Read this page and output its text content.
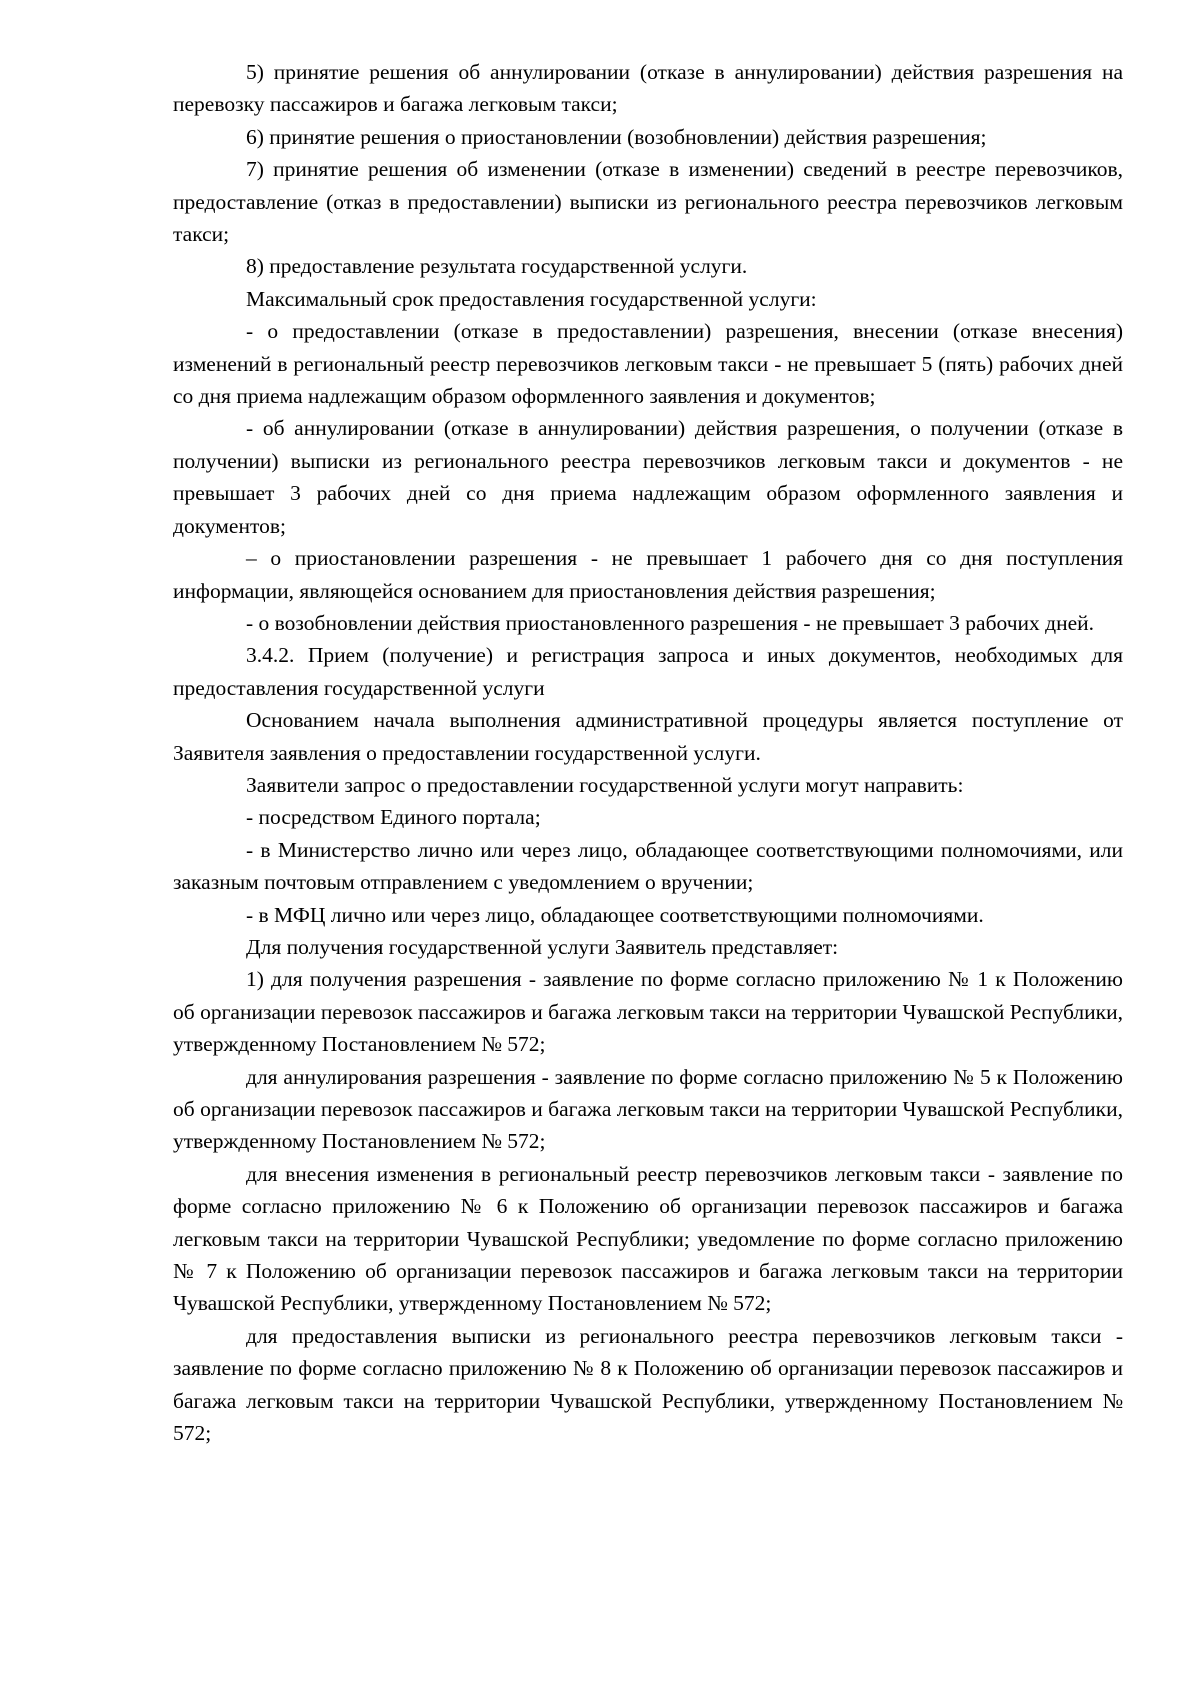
5) принятие решения об аннулировании (отказе в аннулировании) действия разрешения на перевозку пассажиров и багажа легковым такси;

6) принятие решения о приостановлении (возобновлении) действия разрешения;

7) принятие решения об изменении (отказе в изменении) сведений в реестре перевозчиков, предоставление (отказ в предоставлении) выписки из регионального реестра перевозчиков легковым такси;

8) предоставление результата государственной услуги.

Максимальный срок предоставления государственной услуги:

- о предоставлении (отказе в предоставлении) разрешения, внесении (отказе внесения) изменений в региональный реестр перевозчиков легковым такси - не превышает 5 (пять) рабочих дней со дня приема надлежащим образом оформленного заявления и документов;

- об аннулировании (отказе в аннулировании) действия разрешения, о получении (отказе в получении) выписки из регионального реестра перевозчиков легковым такси и документов - не превышает 3 рабочих дней со дня приема надлежащим образом оформленного заявления и документов;

– о приостановлении разрешения - не превышает 1 рабочего дня со дня поступления информации, являющейся основанием для приостановления действия разрешения;

- о возобновлении действия приостановленного разрешения - не превышает 3 рабочих дней.

3.4.2. Прием (получение) и регистрация запроса и иных документов, необходимых для предоставления государственной услуги

Основанием начала выполнения административной процедуры является поступление от Заявителя заявления о предоставлении государственной услуги.

Заявители запрос о предоставлении государственной услуги могут направить:

- посредством Единого портала;

- в Министерство лично или через лицо, обладающее соответствующими полномочиями, или заказным почтовым отправлением с уведомлением о вручении;

- в МФЦ лично или через лицо, обладающее соответствующими полномочиями.

Для получения государственной услуги Заявитель представляет:

1) для получения разрешения - заявление по форме согласно приложению № 1 к Положению об организации перевозок пассажиров и багажа легковым такси на территории Чувашской Республики, утвержденному Постановлением № 572;

для аннулирования разрешения - заявление по форме согласно приложению № 5 к Положению об организации перевозок пассажиров и багажа легковым такси на территории Чувашской Республики, утвержденному Постановлением № 572;

для внесения изменения в региональный реестр перевозчиков легковым такси - заявление по форме согласно приложению № 6 к Положению об организации перевозок пассажиров и багажа легковым такси на территории Чувашской Республики; уведомление по форме согласно приложению № 7 к Положению об организации перевозок пассажиров и багажа легковым такси на территории Чувашской Республики, утвержденному Постановлением № 572;

для предоставления выписки из регионального реестра перевозчиков легковым такси - заявление по форме согласно приложению № 8 к Положению об организации перевозок пассажиров и багажа легковым такси на территории Чувашской Республики, утвержденному Постановлением № 572;
